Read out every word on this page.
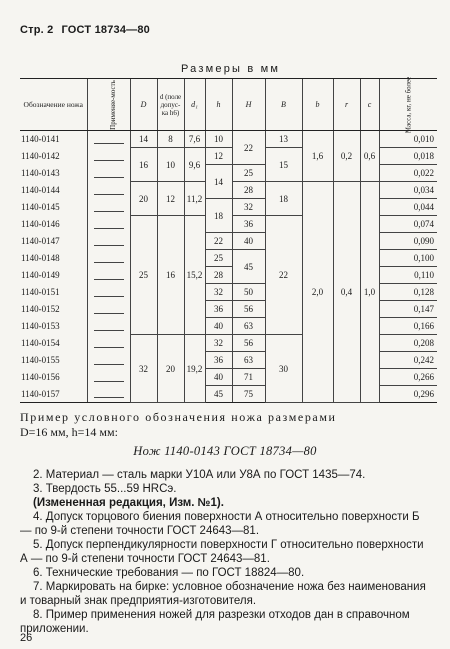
Стр. 2 ГОСТ 18734—80
Размеры в мм
Обозначение ножа	Применяе-мость	D	d (поле допус-ка h6)	d₁	h	H	B	b	r	c	Масса, кг, не более
1140-0141		14	8	7,6	10	22	13	1,6	0,2	0,6	0,010
1140-0142		16	10	9,6	12		15				0,018
1140-0143					14	25					0,022
1140-0144		20	12	11,2		28	18	2,0	0,4	1,0	0,034
1140-0145					18	32					0,044
1140-0146		25	16	15,2		36	22				0,074
1140-0147					22	40					0,090
1140-0148					25	45					0,100
1140-0149					28						0,110
1140-0151					32	50					0,128
1140-0152					36	56					0,147
1140-0153					40	63					0,166
1140-0154		32	20	19,2	32	56	30				0,208
1140-0155					36	63					0,242
1140-0156					40	71					0,266
1140-0157					45	75					0,296
Пример условного обозначения ножа размерами
D=16 мм, h=14 мм:
Нож 1140-0143 ГОСТ 18734—80
2. Материал — сталь марки У10А или У8А по ГОСТ 1435—74.
3. Твердость 55...59 HRCэ.
(Измененная редакция, Изм. №1).
4. Допуск торцового биения поверхности А относительно поверхности Б — по 9-й степени точности ГОСТ 24643—81.
5. Допуск перпендикулярности поверхности Г относительно поверхности А — по 9-й степени точности ГОСТ 24643—81.
6. Технические требования — по ГОСТ 18824—80.
7. Маркировать на бирке: условное обозначение ножа без наименования и товарный знак предприятия-изготовителя.
8. Пример применения ножей для разрезки отходов дан в справочном приложении.
26
